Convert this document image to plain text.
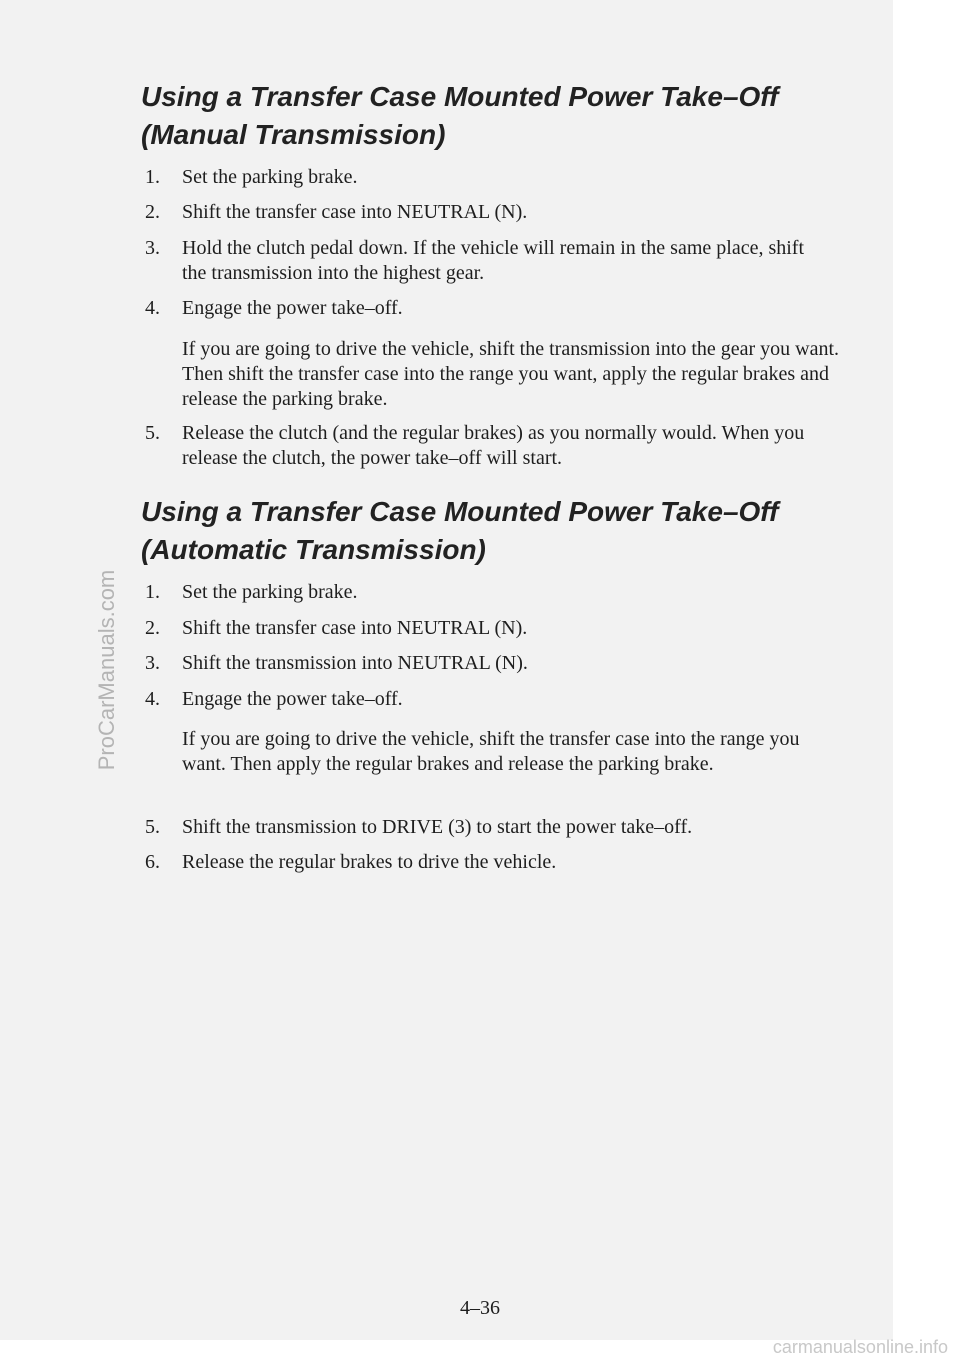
ProCarManuals.com
Using a Transfer Case Mounted Power Take–Off
(Manual Transmission)
1. Set the parking brake.
2. Shift the transfer case into NEUTRAL (N).
3. Hold the clutch pedal down. If the vehicle will remain in the same place, shift the transmission into the highest gear.
4. Engage the power take–off.
If you are going to drive the vehicle, shift the transmission into the gear you want. Then shift the transfer case into the range you want, apply the regular brakes and release the parking brake.
5. Release the clutch (and the regular brakes) as you normally would. When you release the clutch, the power take–off will start.
Using a Transfer Case Mounted Power Take–Off
(Automatic Transmission)
1. Set the parking brake.
2. Shift the transfer case into NEUTRAL (N).
3. Shift the transmission into NEUTRAL (N).
4. Engage the power take–off.
If you are going to drive the vehicle, shift the transfer case into the range you want. Then apply the regular brakes and release the parking brake.
5. Shift the transmission to DRIVE (3) to start the power take–off.
6. Release the regular brakes to drive the vehicle.
4–36
carmanualsonline.info
